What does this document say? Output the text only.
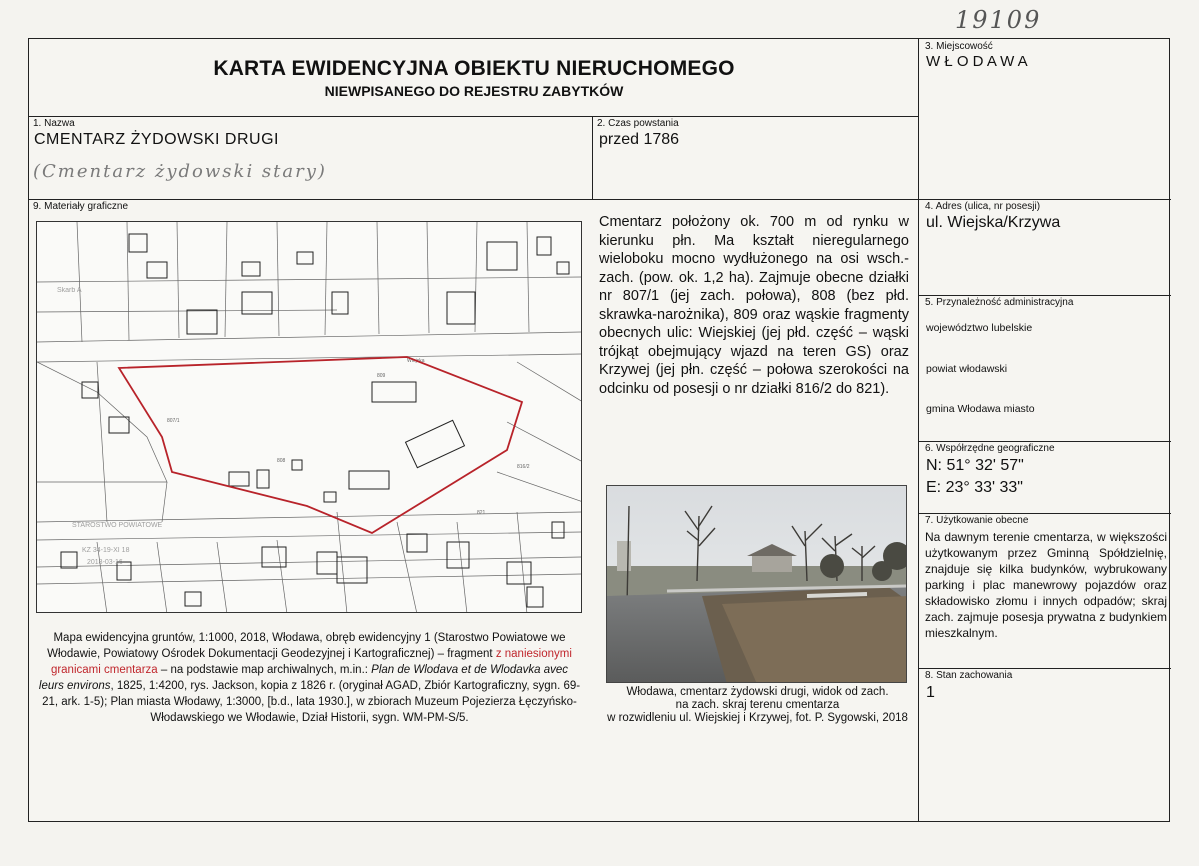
19109
KARTA EWIDENCYJNA OBIEKTU NIERUCHOMEGO
NIEWPISANEGO DO REJESTRU ZABYTKÓW
1. Nazwa
CMENTARZ ŻYDOWSKI DRUGI
(Cmentarz żydowski stary)
2. Czas powstania
przed 1786
3. Miejscowość
W Ł O D A W A
4. Adres (ulica, nr posesji)
ul. Wiejska/Krzywa
5. Przynależność administracyjna
województwo lubelskie
powiat włodawski
gmina Włodawa miasto
6. Współrzędne geograficzne
N: 51° 32' 57"
E: 23° 33' 33"
7. Użytkowanie obecne
Na dawnym terenie cmentarza, w większości użytkowanym przez Gminną Spółdzielnię, znajduje się kilka budynków, wybrukowany parking i plac manewrowy pojazdów oraz składowisko złomu i innych odpadów; skraj zach. zajmuje posesja prywatna z budynkiem mieszkalnym.
8. Stan zachowania
1
9. Materiały graficzne
809
808
807/1
816/2
821
Wiejska
STAROSTWO POWIATOWE
KZ 34-19-XI 18
2018-03-16
Skarb A
Mapa ewidencyjna gruntów, 1:1000, 2018, Włodawa, obręb ewidencyjny 1 (Starostwo Powiatowe we Włodawie, Powiatowy Ośrodek Dokumentacji Geodezyjnej i Kartograficznej) – fragment z naniesionymi granicami cmentarza – na podstawie map archiwalnych, m.in.: Plan de Wlodava et de Wlodavka avec leurs environs, 1825, 1:4200, rys. Jackson, kopia z 1826 r. (oryginał AGAD, Zbiór Kartograficzny, sygn. 69-21, ark. 1-5); Plan miasta Włodawy, 1:3000, [b.d., lata 1930.], w zbiorach Muzeum Pojezierza Łęczyńsko-Włodawskiego we Włodawie, Dział Historii, sygn. WM-PM-S/5.
Cmentarz położony ok. 700 m od rynku w kierunku płn. Ma kształt nieregularnego wieloboku mocno wydłużonego na osi wsch.-zach. (pow. ok. 1,2 ha). Zajmuje obecne działki nr 807/1 (jej zach. połowa), 808 (bez płd. skrawka-narożnika), 809 oraz wąskie fragmenty obecnych ulic: Wiejskiej (jej płd. część – wąski trójkąt obejmujący wjazd na teren GS) oraz Krzywej (jej płn. część – połowa szerokości na odcinku od posesji o nr działki 816/2 do 821).
Włodawa, cmentarz żydowski drugi, widok od zach.
na zach. skraj terenu cmentarza
w rozwidleniu ul. Wiejskiej i Krzywej, fot. P. Sygowski, 2018
